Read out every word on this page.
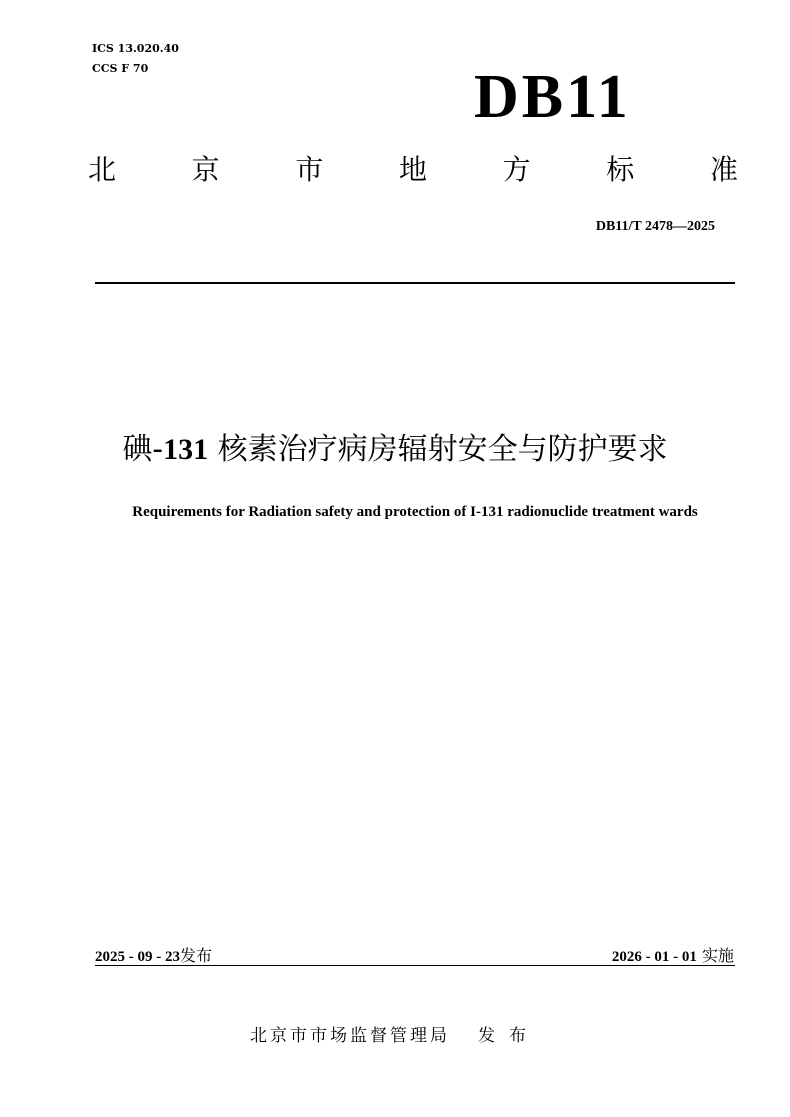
ICS 13.020.40
CCS F 70	DB11
北	京	市	地	方	标	准
DB11/T 2478—2025
碘-131 核素治疗病房辐射安全与防护要求
Requirements for Radiation safety and protection of I-131 radionuclide treatment wards
2025 - 09 - 23发布	2026 - 01 - 01 实施
北京市市场监督管理局 发布
